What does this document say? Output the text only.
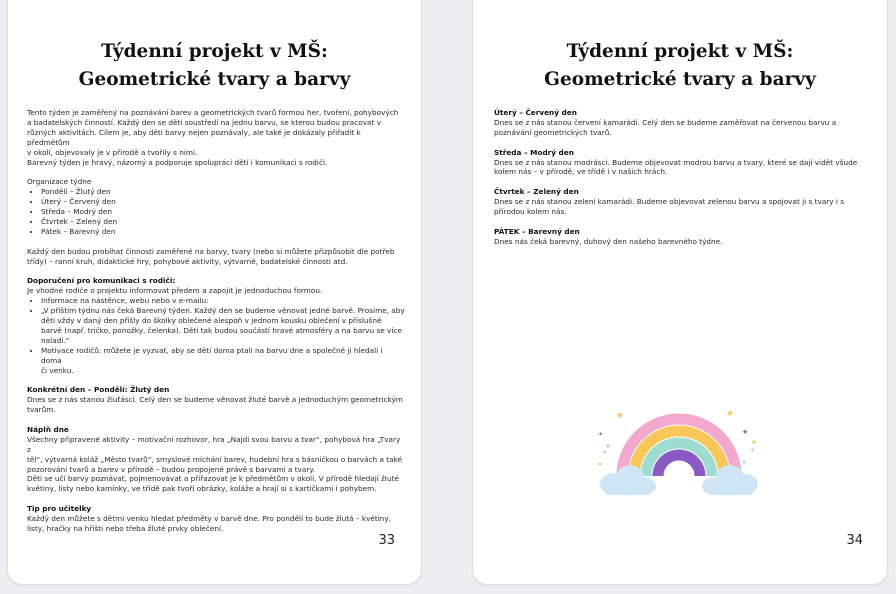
Týdenní projekt v MŠ:
Geometrické tvary a barvy

Tento týden je zaměřený na poznávání barev a geometrických tvarů formou her, tvoření, pohybových

a badatelských činností. Každý den se děti soustředí na jednu barvu, se kterou budou pracovat v

různých aktivitách. Cílem je, aby děti barvy nejen poznávaly, ale také je dokázaly přiřadit k předmětům

v okolí, objevovaly je v přírodě a tvořily s nimi.

Barevný týden je hravý, názorný a podporuje spolupráci dětí i komunikaci s rodiči.

Organizace týdne

• Pondělí – Žlutý den
• Úterý – Červený den
• Středa – Modrý den
• Čtvrtek – Zelený den
• Pátek – Barevný den

Každý den budou probíhat činnosti zaměřené na barvy, tvary (nebo si můžete přizpůsobit dle potřeb

třídy) – ranní kruh, didaktické hry, pohybové aktivity, výtvarné, badatelské činnosti atd.

Doporučení pro komunikaci s rodiči:

Je vhodné rodiče o projektu informovat předem a zapojit je jednoduchou formou.

• Informace na nástěnce, webu nebo v e-mailu:
• „V příštím týdnu nás čeká Barevný týden. Každý den se budeme věnovat jedné barvě. Prosíme, aby
děti vždy v daný den přišly do školky oblečené alespoň v jednom kousku oblečení v příslušné
barvě (např. tričko, ponožky, čelenka). Děti tak budou součástí hravé atmosféry a na barvu se více
naladí.“
• Motivace rodičů: můžete je vyzvat, aby se děti doma ptali na barvu dne a společně ji hledali i doma
či venku.

Konkrétní den – Pondělí: Žlutý den

Dnes se z nás stanou žluťásci. Celý den se budeme věnovat žluté barvě a jednoduchým geometrickým

tvarům.

Náplň dne

Všechny připravené aktivity – motivační rozhovor, hra „Najdi svou barvu a tvar“, pohybová hra „Tvary z

těl“, výtvarná koláž „Město tvarů“, smyslové míchání barev, hudební hra s básničkou o barvách a také

pozorování tvarů a barev v přírodě – budou propojené právě s barvami a tvary.

Děti se učí barvy poznávat, pojmenovávat a přiřazovat je k předmětům v okolí. V přírodě hledají žluté

květiny, listy nebo kamínky, ve třídě pak tvoří obrázky, koláže a hrají si s kartičkami i pohybem.

Tip pro učitelky

Každý den můžete s dětmi venku hledat předměty v barvě dne. Pro pondělí to bude žlutá – květiny,

listy, hračky na hřišti nebo třeba žluté prvky oblečení.

33
Týdenní projekt v MŠ:
Geometrické tvary a barvy

Úterý – Červený den

Dnes se z nás stanou červení kamarádi. Celý den se budeme zaměřovat na červenou barvu a

poznávání geometrických tvarů.

Středa – Modrý den

Dnes se z nás stanou modrásci. Budeme objevovat modrou barvu a tvary, které se dají vidět všude

kolem nás – v přírodě, ve třídě i v našich hrách.

Čtvrtek – Zelený den

Dnes se z nás stanou zelení kamarádi. Budeme objevovat zelenou barvu a spojovat ji s tvary i s

přírodou kolem nás.

PÁTEK – Barevný den

Dnes nás čeká barevný, duhový den našeho barevného týdne.

★	★
★
✦
✦	✦
34
